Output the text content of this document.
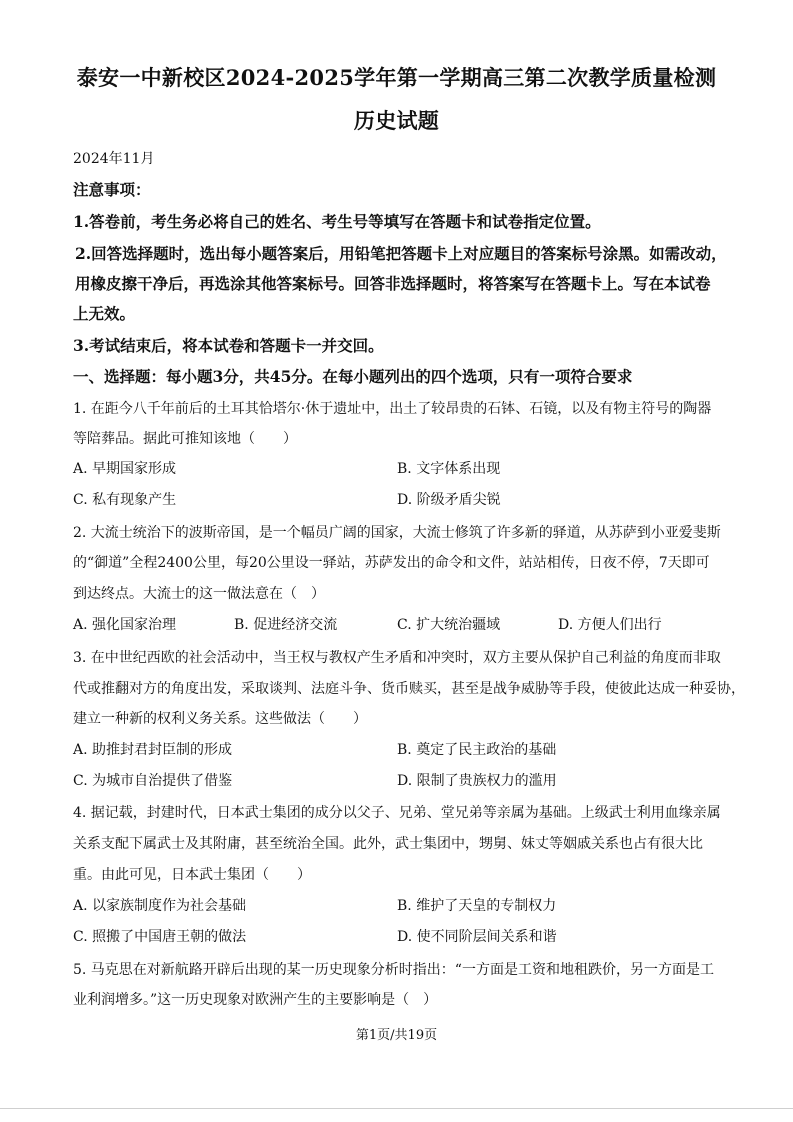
泰安一中新校区2024-2025学年第一学期高三第二次教学质量检测
历史试题
2024年11月
注意事项：
1.答卷前，考生务必将自己的姓名、考生号等填写在答题卡和试卷指定位置。
2.回答选择题时，选出每小题答案后，用铅笔把答题卡上对应题目的答案标号涂黑。如需改动，
用橡皮擦干净后，再选涂其他答案标号。回答非选择题时，将答案写在答题卡上。写在本试卷
上无效。
3.考试结束后，将本试卷和答题卡一并交回。
一、选择题：每小题3分，共45分。在每小题列出的四个选项，只有一项符合要求
1. 在距今八千年前后的土耳其恰塔尔·休于遗址中，出土了较昂贵的石钵、石镜，以及有物主符号的陶器
等陪葬品。据此可推知该地（　　）
A. 早期国家形成	B. 文字体系出现
C. 私有现象产生	D. 阶级矛盾尖锐
2. 大流士统治下的波斯帝国，是一个幅员广阔的国家，大流士修筑了许多新的驿道，从苏萨到小亚爱斐斯
的“御道”全程2400公里，每20公里设一驿站，苏萨发出的命令和文件，站站相传，日夜不停，7天即可
到达终点。大流士的这一做法意在（　）
A. 强化国家治理	B. 促进经济交流	C. 扩大统治疆域	D. 方便人们出行
3. 在中世纪西欧的社会活动中，当王权与教权产生矛盾和冲突时，双方主要从保护自己利益的角度而非取
代或推翻对方的角度出发，采取谈判、法庭斗争、货币赎买，甚至是战争威胁等手段，使彼此达成一种妥协，
建立一种新的权利义务关系。这些做法（　　）
A. 助推封君封臣制的形成	B. 奠定了民主政治的基础
C. 为城市自治提供了借鉴	D. 限制了贵族权力的滥用
4. 据记载，封建时代，日本武士集团的成分以父子、兄弟、堂兄弟等亲属为基础。上级武士利用血缘亲属
关系支配下属武士及其附庸，甚至统治全国。此外，武士集团中，甥舅、妹丈等姻戚关系也占有很大比
重。由此可见，日本武士集团（　　）
A. 以家族制度作为社会基础	B. 维护了天皇的专制权力
C. 照搬了中国唐王朝的做法	D. 使不同阶层间关系和谐
5. 马克思在对新航路开辟后出现的某一历史现象分析时指出：“一方面是工资和地租跌价，另一方面是工
业利润增多。”这一历史现象对欧洲产生的主要影响是（　）
第1页/共19页
